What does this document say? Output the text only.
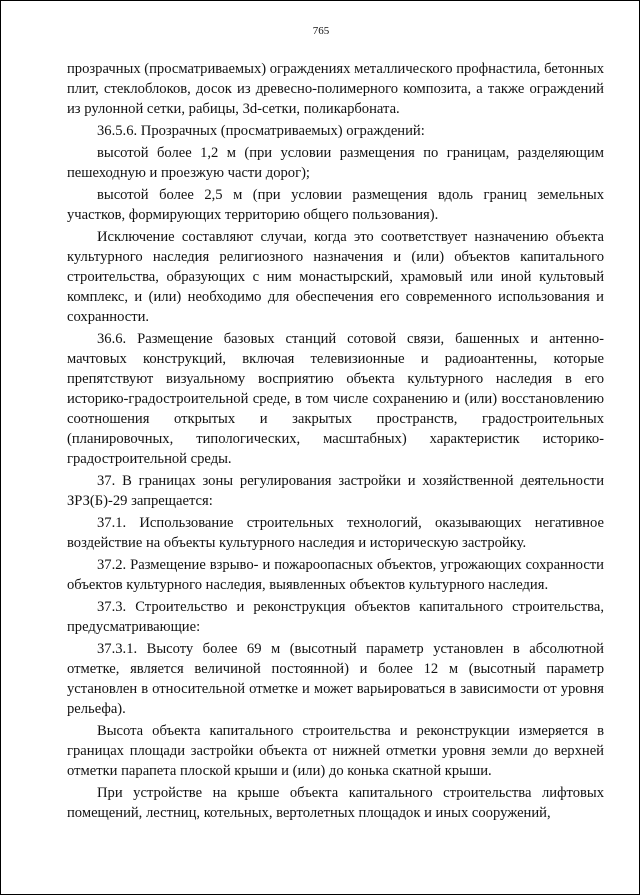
765

прозрачных (просматриваемых) ограждениях металлического профнастила, бетонных плит, стеклоблоков, досок из древесно-полимерного композита, а также ограждений из рулонной сетки, рабицы, 3d-сетки, поликарбоната.

36.5.6. Прозрачных (просматриваемых) ограждений:

высотой более 1,2 м (при условии размещения по границам, разделяющим пешеходную и проезжую части дорог);

высотой более 2,5 м (при условии размещения вдоль границ земельных участков, формирующих территорию общего пользования).

Исключение составляют случаи, когда это соответствует назначению объекта культурного наследия религиозного назначения и (или) объектов капитального строительства, образующих с ним монастырский, храмовый или иной культовый комплекс, и (или) необходимо для обеспечения его современного использования и сохранности.

36.6. Размещение базовых станций сотовой связи, башенных и антенно-мачтовых конструкций, включая телевизионные и радиоантенны, которые препятствуют визуальному восприятию объекта культурного наследия в его историко-градостроительной среде, в том числе сохранению и (или) восстановлению соотношения открытых и закрытых пространств, градостроительных (планировочных, типологических, масштабных) характеристик историко-градостроительной среды.

37. В границах зоны регулирования застройки и хозяйственной деятельности ЗРЗ(Б)-29 запрещается:

37.1. Использование строительных технологий, оказывающих негативное воздействие на объекты культурного наследия и историческую застройку.

37.2. Размещение взрыво- и пожароопасных объектов, угрожающих сохранности объектов культурного наследия, выявленных объектов культурного наследия.

37.3. Строительство и реконструкция объектов капитального строительства, предусматривающие:

37.3.1. Высоту более 69 м (высотный параметр установлен в абсолютной отметке, является величиной постоянной) и более 12 м (высотный параметр установлен в относительной отметке и может варьироваться в зависимости от уровня рельефа).

Высота объекта капитального строительства и реконструкции измеряется в границах площади застройки объекта от нижней отметки уровня земли до верхней отметки парапета плоской крыши и (или) до конька скатной крыши.

При устройстве на крыше объекта капитального строительства лифтовых помещений, лестниц, котельных, вертолетных площадок и иных сооружений,
